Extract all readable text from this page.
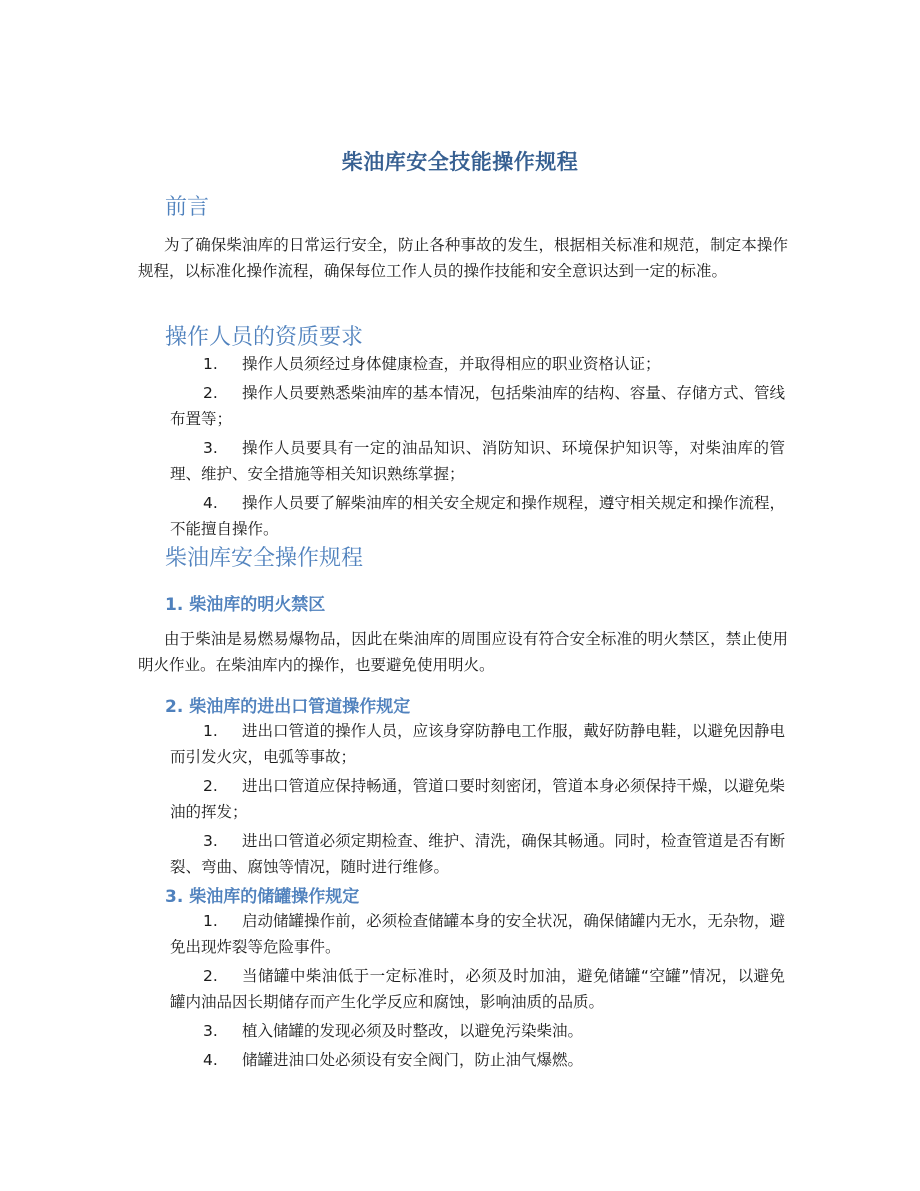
柴油库安全技能操作规程
前言

为了确保柴油库的日常运行安全，防止各种事故的发生，根据相关标准和规范，制定本操作规程，以标准化操作流程，确保每位工作人员的操作技能和安全意识达到一定的标准。

操作人员的资质要求
1. 操作人员须经过身体健康检查，并取得相应的职业资格认证；
2. 操作人员要熟悉柴油库的基本情况，包括柴油库的结构、容量、存储方式、管线布置等；
3. 操作人员要具有一定的油品知识、消防知识、环境保护知识等，对柴油库的管理、维护、安全措施等相关知识熟练掌握；
4. 操作人员要了解柴油库的相关安全规定和操作规程，遵守相关规定和操作流程，不能擅自操作。
柴油库安全操作规程
1. 柴油库的明火禁区

由于柴油是易燃易爆物品，因此在柴油库的周围应设有符合安全标准的明火禁区，禁止使用明火作业。在柴油库内的操作，也要避免使用明火。

2. 柴油库的进出口管道操作规定
1. 进出口管道的操作人员，应该身穿防静电工作服，戴好防静电鞋，以避免因静电而引发火灾，电弧等事故；
2. 进出口管道应保持畅通，管道口要时刻密闭，管道本身必须保持干燥，以避免柴油的挥发；
3. 进出口管道必须定期检查、维护、清洗，确保其畅通。同时，检查管道是否有断裂、弯曲、腐蚀等情况，随时进行维修。
3. 柴油库的储罐操作规定
1. 启动储罐操作前，必须检查储罐本身的安全状况，确保储罐内无水，无杂物，避免出现炸裂等危险事件。
2. 当储罐中柴油低于一定标准时，必须及时加油，避免储罐“空罐”情况，以避免罐内油品因长期储存而产生化学反应和腐蚀，影响油质的品质。
3. 植入储罐的发现必须及时整改，以避免污染柴油。
4. 储罐进油口处必须设有安全阀门，防止油气爆燃。
